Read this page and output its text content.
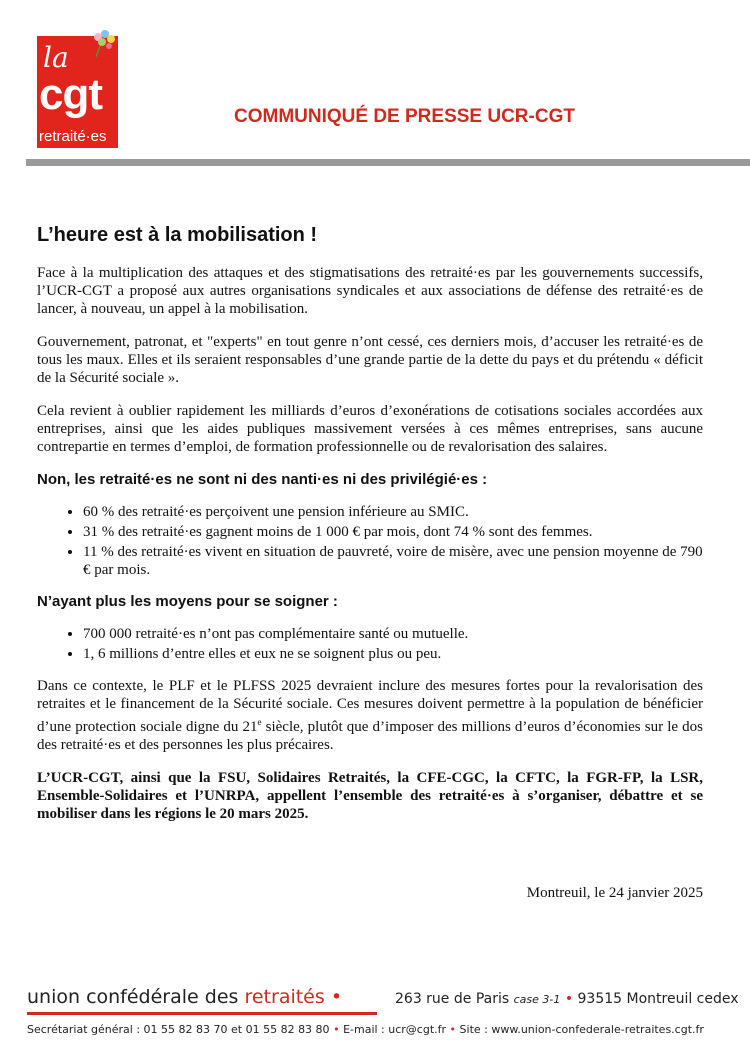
la
cgt
retraité·es
COMMUNIQUÉ DE PRESSE UCR-CGT
L’heure est à la mobilisation !

Face à la multiplication des attaques et des stigmatisations des retraité·es par les gouvernements successifs, l’UCR-CGT a proposé aux autres organisations syndicales et aux associations de défense des retraité·es de lancer, à nouveau, un appel à la mobilisation.

Gouvernement, patronat, et "experts" en tout genre n’ont cessé, ces derniers mois, d’accuser les retraité·es de tous les maux. Elles et ils seraient responsables d’une grande partie de la dette du pays et du prétendu « déficit de la Sécurité sociale ».

Cela revient à oublier rapidement les milliards d’euros d’exonérations de cotisations sociales accordées aux entreprises, ainsi que les aides publiques massivement versées à ces mêmes entreprises, sans aucune contrepartie en termes d’emploi, de formation professionnelle ou de revalorisation des salaires.

Non, les retraité·es ne sont ni des nanti·es ni des privilégié·es :
• 60 % des retraité·es perçoivent une pension inférieure au SMIC.
• 31 % des retraité·es gagnent moins de 1 000 € par mois, dont 74 % sont des femmes.
• 11 % des retraité·es vivent en situation de pauvreté, voire de misère, avec une pension moyenne de 790 € par mois.
N’ayant plus les moyens pour se soigner :
• 700 000 retraité·es n’ont pas complémentaire santé ou mutuelle.
• 1, 6 millions d’entre elles et eux ne se soignent plus ou peu.

Dans ce contexte, le PLF et le PLFSS 2025 devraient inclure des mesures fortes pour la revalorisation des retraites et le financement de la Sécurité sociale. Ces mesures doivent permettre à la population de bénéficier d’une protection sociale digne du 21e siècle, plutôt que d’imposer des millions d’euros d’économies sur le dos des retraité·es et des personnes les plus précaires.

L’UCR-CGT, ainsi que la FSU, Solidaires Retraités, la CFE-CGC, la CFTC, la FGR-FP, la LSR, Ensemble-Solidaires et l’UNRPA, appellent l’ensemble des retraité·es à s’organiser, débattre et se mobiliser dans les régions le 20 mars 2025.

Montreuil, le 24 janvier 2025
union confédérale des retraités •	263 rue de Paris case 3-1 • 93515 Montreuil cedex
Secrétariat général : 01 55 82 83 70 et 01 55 82 83 80 • E-mail : ucr@cgt.fr • Site : www.union-confederale-retraites.cgt.fr
